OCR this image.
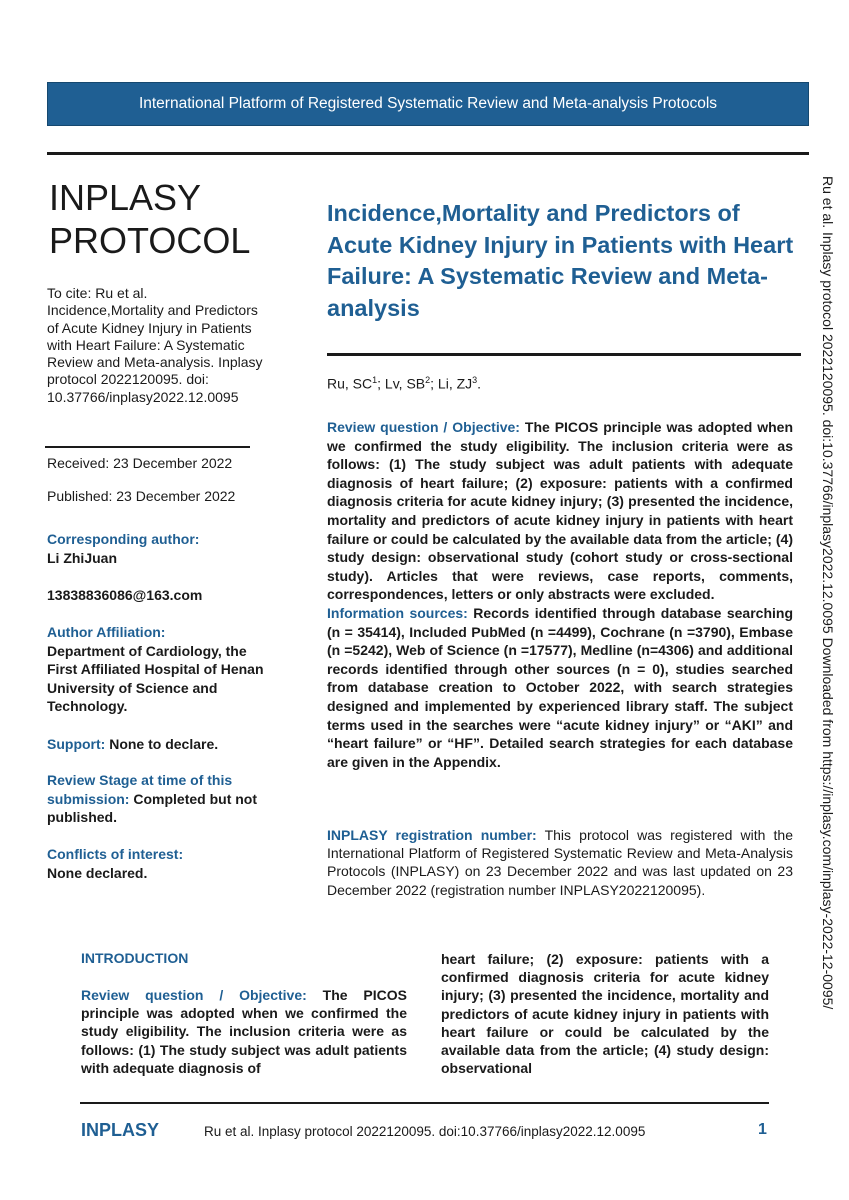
International Platform of Registered Systematic Review and Meta-analysis Protocols
INPLASY
PROTOCOL
To cite: Ru et al. Incidence,Mortality and Predictors of Acute Kidney Injury in Patients with Heart Failure: A Systematic Review and Meta-analysis. Inplasy protocol 2022120095. doi: 10.37766/inplasy2022.12.0095
Received: 23 December 2022
Published: 23 December 2022
Corresponding author:
Li ZhiJuan
13838836086@163.com
Author Affiliation:
Department of Cardiology, the First Affiliated Hospital of Henan University of Science and Technology.
Support: None to declare.
Review Stage at time of this submission: Completed but not published.
Conflicts of interest:
None declared.
Incidence,Mortality and Predictors of Acute Kidney Injury in Patients with Heart Failure: A Systematic Review and Meta-analysis
Ru, $SC^1$; Lv, $SB^2$; Li, $ZJ^3$.

Review question / Objective: The PICOS principle was adopted when we confirmed the study eligibility. The inclusion criteria were as follows: (1) The study subject was adult patients with adequate diagnosis of heart failure; (2) exposure: patients with a confirmed diagnosis criteria for acute kidney injury; (3) presented the incidence, mortality and predictors of acute kidney injury in patients with heart failure or could be calculated by the available data from the article; (4) study design: observational study (cohort study or cross-sectional study). Articles that were reviews, case reports, comments, correspondences, letters or only abstracts were excluded.

Information sources: Records identified through database searching (n = 35414), Included PubMed (n =4499), Cochrane (n =3790), Embase (n =5242), Web of Science (n =17577), Medline (n=4306) and additional records identified through other sources (n = 0), studies searched from database creation to October 2022, with search strategies designed and implemented by experienced library staff. The subject terms used in the searches were “acute kidney injury” or “AKI” and “heart failure” or “HF”. Detailed search strategies for each database are given in the Appendix.

INPLASY registration number: This protocol was registered with the International Platform of Registered Systematic Review and Meta-Analysis Protocols (INPLASY) on 23 December 2022 and was last updated on 23 December 2022 (registration number INPLASY2022120095).
INTRODUCTION
Review question / Objective: The PICOS principle was adopted when we confirmed the study eligibility. The inclusion criteria were as follows: (1) The study subject was adult patients with adequate diagnosis of
heart failure; (2) exposure: patients with a confirmed diagnosis criteria for acute kidney injury; (3) presented the incidence, mortality and predictors of acute kidney injury in patients with heart failure or could be calculated by the available data from the article; (4) study design: observational
INPLASY	Ru et al. Inplasy protocol 2022120095. doi:10.37766/inplasy2022.12.0095	1
Ru et al. Inplasy protocol 2022120095. doi:10.37766/inplasy2022.12.0095 Downloaded from https://inplasy.com/inplasy-2022-12-0095/
